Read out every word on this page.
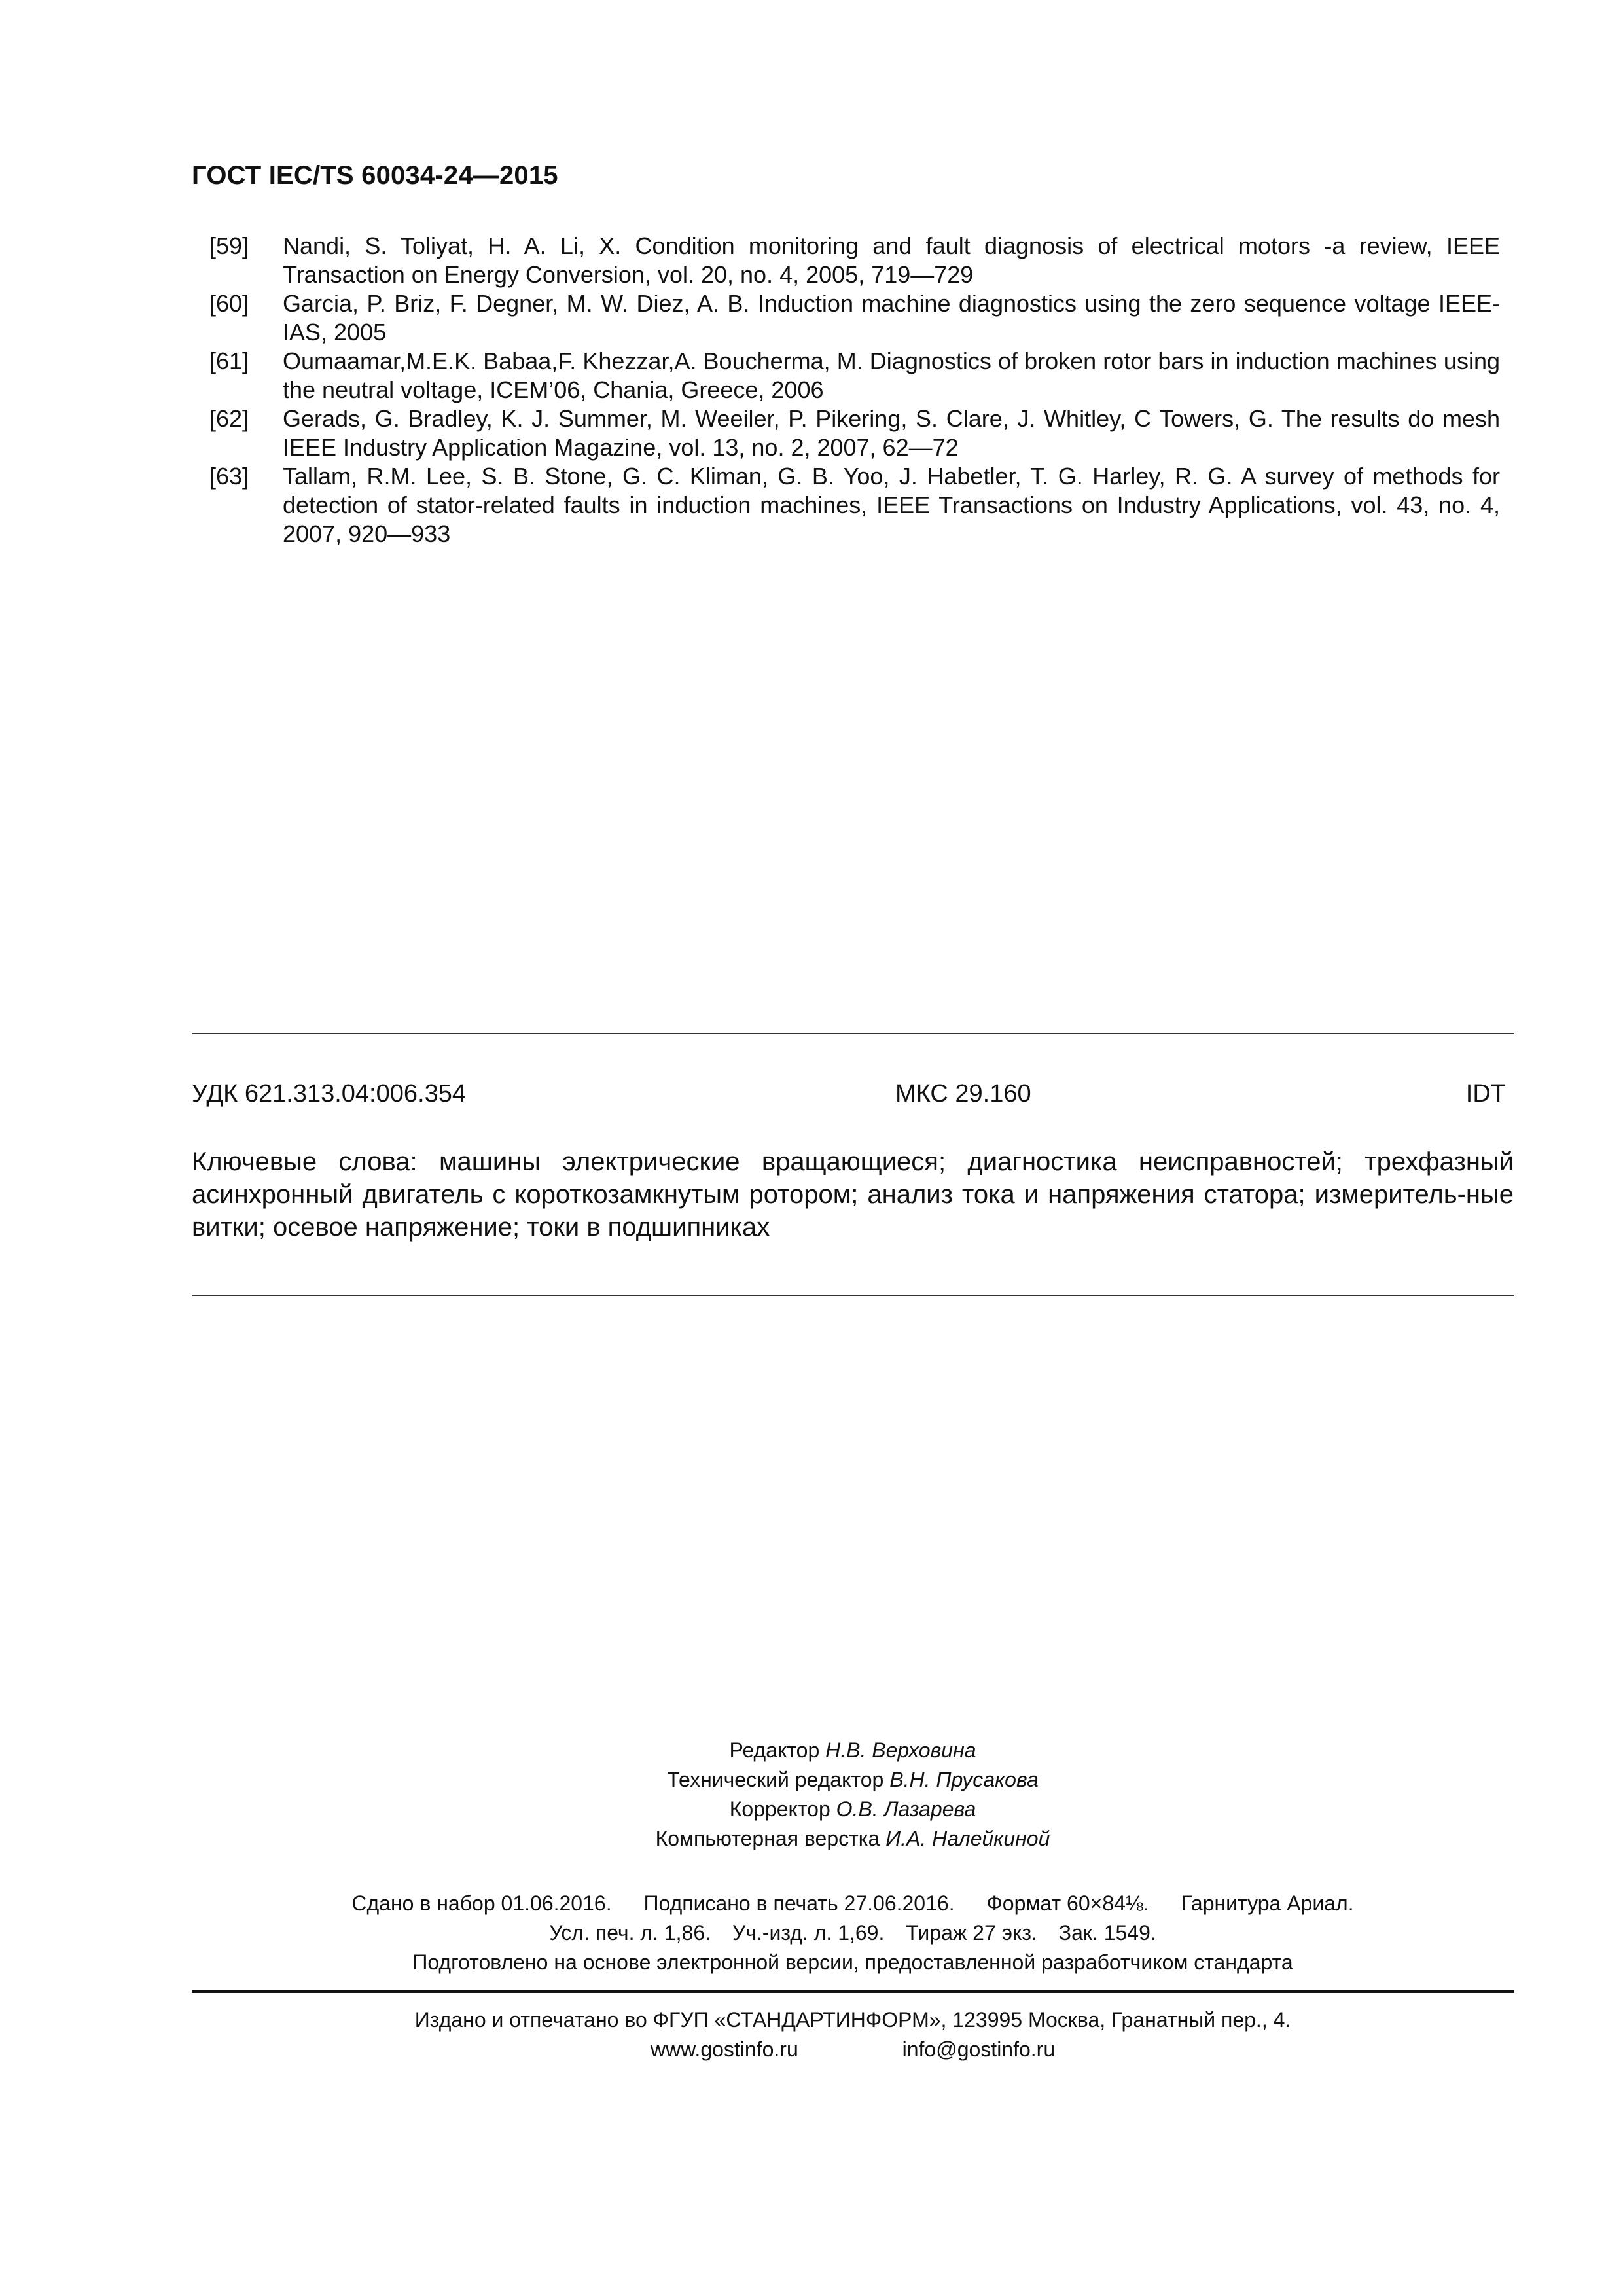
ГОСТ IEC/TS 60034-24—2015
[59]	Nandi, S. Toliyat, H. A. Li, X. Condition monitoring and fault diagnosis of electrical motors -a review, IEEE Transaction on Energy Conversion, vol. 20, no. 4, 2005, 719—729
[60]	Garcia, P. Briz, F. Degner, M. W. Diez, A. B. Induction machine diagnostics using the zero sequence voltage IEEE-IAS, 2005
[61]	Oumaamar,M.E.K. Babaa,F. Khezzar,A. Boucherma, M. Diagnostics of broken rotor bars in induction machines using the neutral voltage, ICEM’06, Chania, Greece, 2006
[62]	Gerads, G. Bradley, K. J. Summer, M. Weeiler, P. Pikering, S. Clare, J. Whitley, C Towers, G. The results do mesh IEEE Industry Application Magazine, vol. 13, no. 2, 2007, 62—72
[63]	Tallam, R.M. Lee, S. B. Stone, G. C. Kliman, G. B. Yoo, J. Habetler, T. G. Harley, R. G. A survey of methods for detection of stator-related faults in induction machines, IEEE Transactions on Industry Applications, vol. 43, no. 4, 2007, 920—933
УДК 621.313.04:006.354	МКС 29.160	IDT
Ключевые слова: машины электрические вращающиеся; диагностика неисправностей; трехфазный асинхронный двигатель с короткозамкнутым ротором; анализ тока и напряжения статора; измеритель-ные витки; осевое напряжение; токи в подшипниках
Редактор Н.В. Верховина
Технический редактор В.Н. Прусакова
Корректор О.В. Лазарева
Компьютерная верстка И.А. Налейкиной
Сдано в набор 01.06.2016. Подписано в печать 27.06.2016. Формат 60×84⅛. Гарнитура Ариал.
Усл. печ. л. 1,86. Уч.-изд. л. 1,69. Тираж 27 экз. Зак. 1549.
Подготовлено на основе электронной версии, предоставленной разработчиком стандарта
Издано и отпечатано во ФГУП «СТАНДАРТИНФОРМ», 123995 Москва, Гранатный пер., 4.
www.gostinfo.ru	info@gostinfo.ru
